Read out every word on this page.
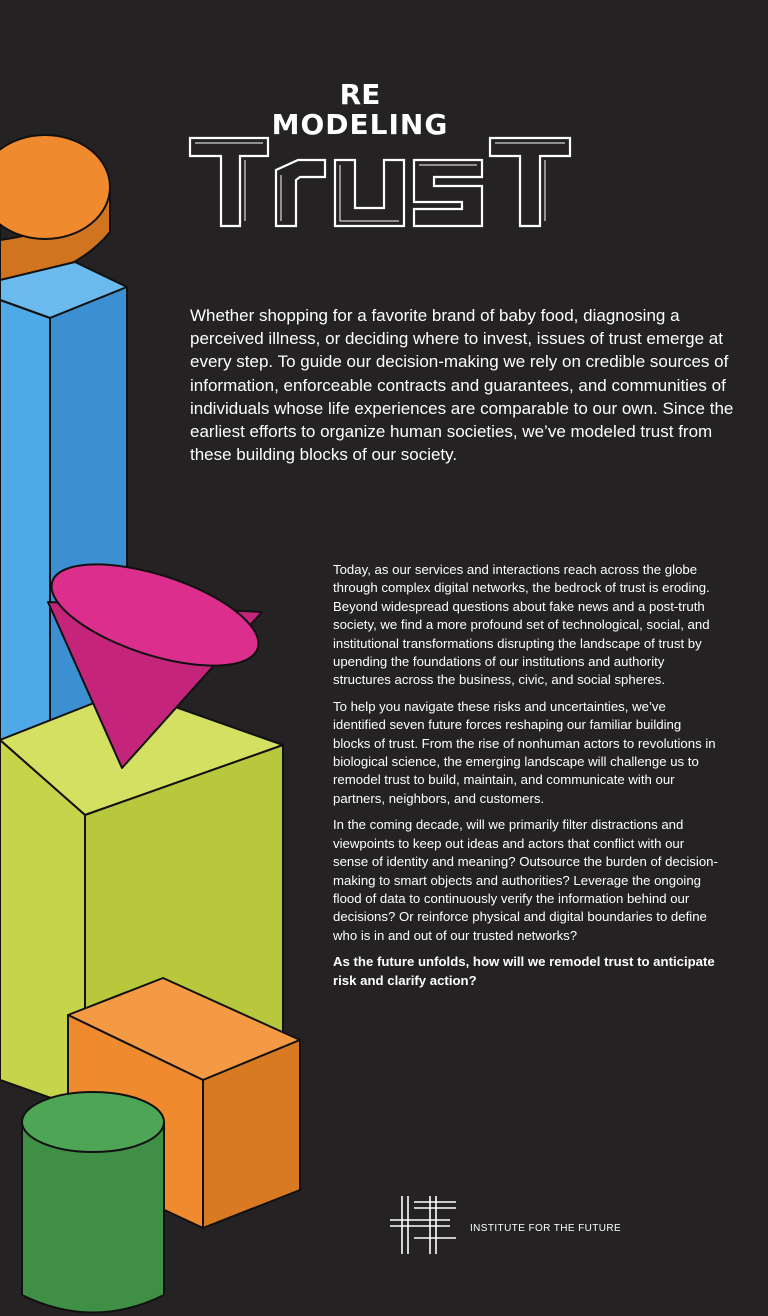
RE
MODELING

Whether shopping for a favorite brand of baby food, diagnosing a perceived illness, or deciding where to invest, issues of trust emerge at every step. To guide our decision-making we rely on credible sources of information, enforceable contracts and guarantees, and communities of individuals whose life experiences are comparable to our own. Since the earliest efforts to organize human societies, we’ve modeled trust from these building blocks of our society.

Today, as our services and interactions reach across the globe through complex digital networks, the bedrock of trust is eroding. Beyond widespread questions about fake news and a post-truth society, we find a more profound set of technological, social, and institutional transformations disrupting the landscape of trust by upending the foundations of our institutions and authority structures across the business, civic, and social spheres.

To help you navigate these risks and uncertainties, we’ve identified seven future forces reshaping our familiar building blocks of trust. From the rise of nonhuman actors to revolutions in biological science, the emerging landscape will challenge us to remodel trust to build, maintain, and communicate with our partners, neighbors, and customers.

In the coming decade, will we primarily filter distractions and viewpoints to keep out ideas and actors that conflict with our sense of identity and meaning? Outsource the burden of decision-making to smart objects and authorities? Leverage the ongoing flood of data to continuously verify the information behind our decisions? Or reinforce physical and digital boundaries to define who is in and out of our trusted networks?

As the future unfolds, how will we remodel trust to anticipate risk and clarify action?

INSTITUTE FOR THE FUTURE
